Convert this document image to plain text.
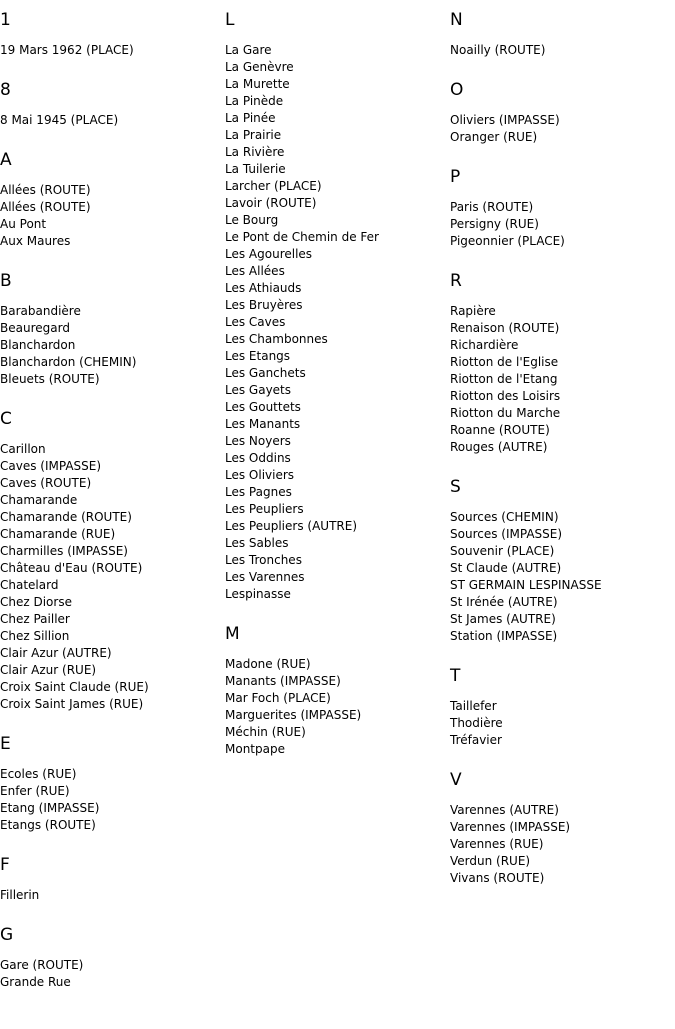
1
19 Mars 1962 (PLACE)
8
8 Mai 1945 (PLACE)
A
Allées (ROUTE)
Allées (ROUTE)
Au Pont
Aux Maures
B
Barabandière
Beauregard
Blanchardon
Blanchardon (CHEMIN)
Bleuets (ROUTE)
C
Carillon
Caves (IMPASSE)
Caves (ROUTE)
Chamarande
Chamarande (ROUTE)
Chamarande (RUE)
Charmilles (IMPASSE)
Château d'Eau (ROUTE)
Chatelard
Chez Diorse
Chez Pailler
Chez Sillion
Clair Azur (AUTRE)
Clair Azur (RUE)
Croix Saint Claude (RUE)
Croix Saint James (RUE)
E
Ecoles (RUE)
Enfer (RUE)
Etang (IMPASSE)
Etangs (ROUTE)
F
Fillerin
G
Gare (ROUTE)
Grande Rue
L
La Gare
La Genèvre
La Murette
La Pinède
La Pinée
La Prairie
La Rivière
La Tuilerie
Larcher (PLACE)
Lavoir (ROUTE)
Le Bourg
Le Pont de Chemin de Fer
Les Agourelles
Les Allées
Les Athiauds
Les Bruyères
Les Caves
Les Chambonnes
Les Etangs
Les Ganchets
Les Gayets
Les Gouttets
Les Manants
Les Noyers
Les Oddins
Les Oliviers
Les Pagnes
Les Peupliers
Les Peupliers (AUTRE)
Les Sables
Les Tronches
Les Varennes
Lespinasse
M
Madone (RUE)
Manants (IMPASSE)
Mar Foch (PLACE)
Marguerites (IMPASSE)
Méchin (RUE)
Montpape
N
Noailly (ROUTE)
O
Oliviers (IMPASSE)
Oranger (RUE)
P
Paris (ROUTE)
Persigny (RUE)
Pigeonnier (PLACE)
R
Rapière
Renaison (ROUTE)
Richardière
Riotton de l'Eglise
Riotton de l'Etang
Riotton des Loisirs
Riotton du Marche
Roanne (ROUTE)
Rouges (AUTRE)
S
Sources (CHEMIN)
Sources (IMPASSE)
Souvenir (PLACE)
St Claude (AUTRE)
ST GERMAIN LESPINASSE
St Irénée (AUTRE)
St James (AUTRE)
Station (IMPASSE)
T
Taillefer
Thodière
Tréfavier
V
Varennes (AUTRE)
Varennes (IMPASSE)
Varennes (RUE)
Verdun (RUE)
Vivans (ROUTE)
